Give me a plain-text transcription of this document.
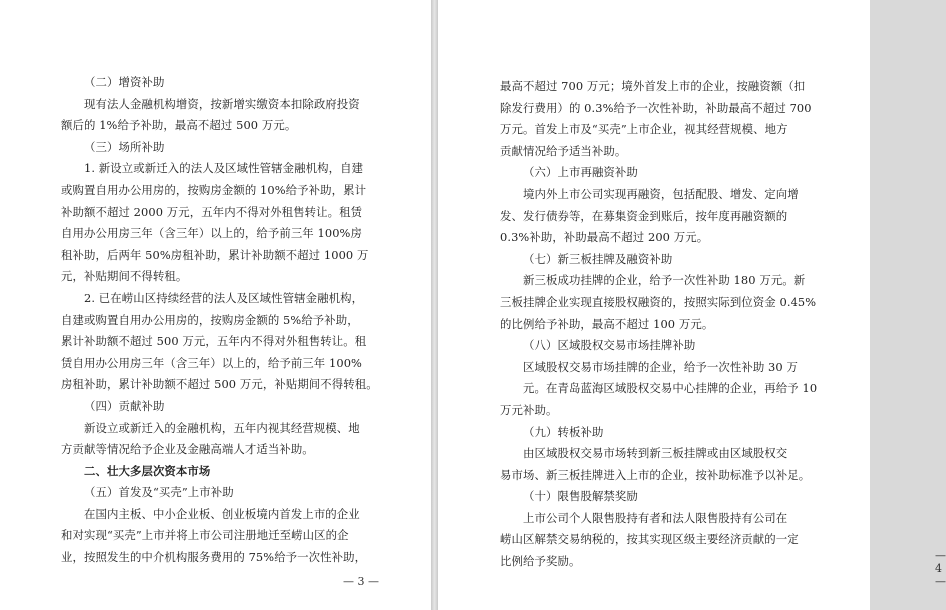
（二）增资补助
现有法人金融机构增资，按新增实缴资本扣除政府投资
额后的 1%给予补助，最高不超过 500 万元。
（三）场所补助
1. 新设立或新迁入的法人及区域性管辖金融机构，自建
或购置自用办公用房的，按购房金额的 10%给予补助，累计
补助额不超过 2000 万元，五年内不得对外租售转让。租赁
自用办公用房三年（含三年）以上的，给予前三年 100%房
租补助，后两年 50%房租补助，累计补助额不超过 1000 万
元，补贴期间不得转租。
2. 已在崂山区持续经营的法人及区域性管辖金融机构，
自建或购置自用办公用房的，按购房金额的 5%给予补助，
累计补助额不超过 500 万元，五年内不得对外租售转让。租
赁自用办公用房三年（含三年）以上的，给予前三年 100%
房租补助，累计补助额不超过 500 万元，补贴期间不得转租。
（四）贡献补助
新设立或新迁入的金融机构，五年内视其经营规模、地
方贡献等情况给予企业及金融高端人才适当补助。
二、壮大多层次资本市场
（五）首发及“买壳”上市补助
在国内主板、中小企业板、创业板境内首发上市的企业
和对实现“买壳”上市并将上市公司注册地迁至崂山区的企
业，按照发生的中介机构服务费用的 75%给予一次性补助，
— 3 —
最高不超过 700 万元；境外首发上市的企业，按融资额（扣
除发行费用）的 0.3%给予一次性补助，补助最高不超过 700
万元。首发上市及“买壳”上市企业，视其经营规模、地方
贡献情况给予适当补助。
（六）上市再融资补助
境内外上市公司实现再融资，包括配股、增发、定向增
发、发行债券等，在募集资金到账后，按年度再融资额的
0.3%补助，补助最高不超过 200 万元。
（七）新三板挂牌及融资补助
新三板成功挂牌的企业，给予一次性补助 180 万元。新
三板挂牌企业实现直接股权融资的，按照实际到位资金 0.45%
的比例给予补助，最高不超过 100 万元。
（八）区域股权交易市场挂牌补助
区域股权交易市场挂牌的企业，给予一次性补助 30 万
元。在青岛蓝海区域股权交易中心挂牌的企业，再给予 10
万元补助。
（九）转板补助
由区域股权交易市场转到新三板挂牌或由区域股权交
易市场、新三板挂牌进入上市的企业，按补助标准予以补足。
（十）限售股解禁奖励
上市公司个人限售股持有者和法人限售股持有公司在
崂山区解禁交易纳税的，按其实现区级主要经济贡献的一定
比例给予奖励。	— 4 —
